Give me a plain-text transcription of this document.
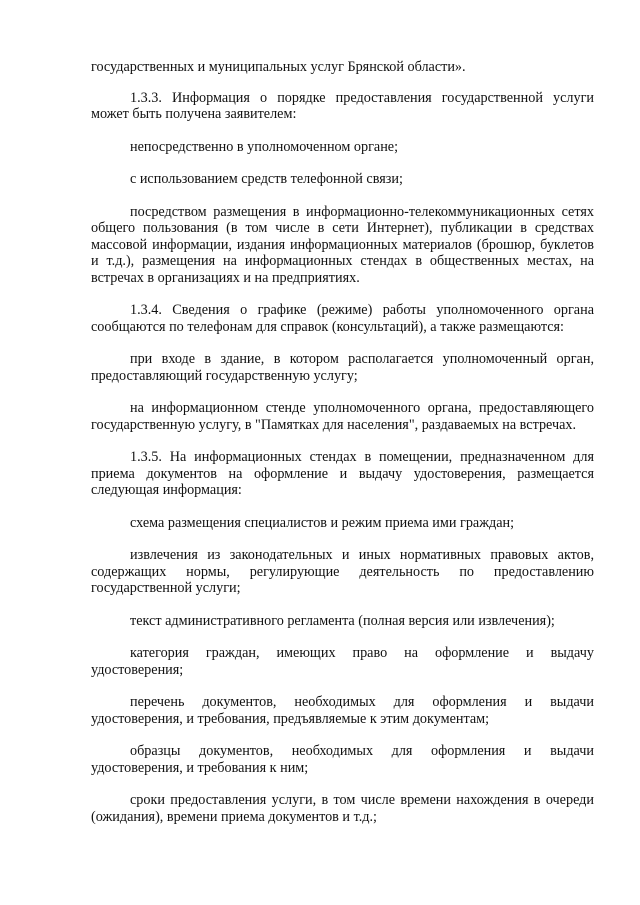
государственных и муниципальных услуг Брянской области».

1.3.3. Информация о порядке предоставления государственной услуги может быть получена заявителем:

непосредственно в уполномоченном органе;

с использованием средств телефонной связи;

посредством размещения в информационно-телекоммуникационных сетях общего пользования (в том числе в сети Интернет), публикации в средствах массовой информации, издания информационных материалов (брошюр, буклетов и т.д.), размещения на информационных стендах в общественных местах, на встречах в организациях и на предприятиях.

1.3.4. Сведения о графике (режиме) работы уполномоченного органа сообщаются по телефонам для справок (консультаций), а также размещаются:

при входе в здание, в котором располагается уполномоченный орган, предоставляющий государственную услугу;

на информационном стенде уполномоченного органа, предоставляющего государственную услугу, в "Памятках для населения", раздаваемых на встречах.

1.3.5. На информационных стендах в помещении, предназначенном для приема документов на оформление и выдачу удостоверения, размещается следующая информация:

схема размещения специалистов и режим приема ими граждан;

извлечения из законодательных и иных нормативных правовых актов, содержащих нормы, регулирующие деятельность по предоставлению государственной услуги;

текст административного регламента (полная версия или извлечения);

категория граждан, имеющих право на оформление и выдачу удостоверения;

перечень документов, необходимых для оформления и выдачи удостоверения, и требования, предъявляемые к этим документам;

образцы документов, необходимых для оформления и выдачи удостоверения, и требования к ним;

сроки предоставления услуги, в том числе времени нахождения в очереди (ожидания), времени приема документов и т.д.;
